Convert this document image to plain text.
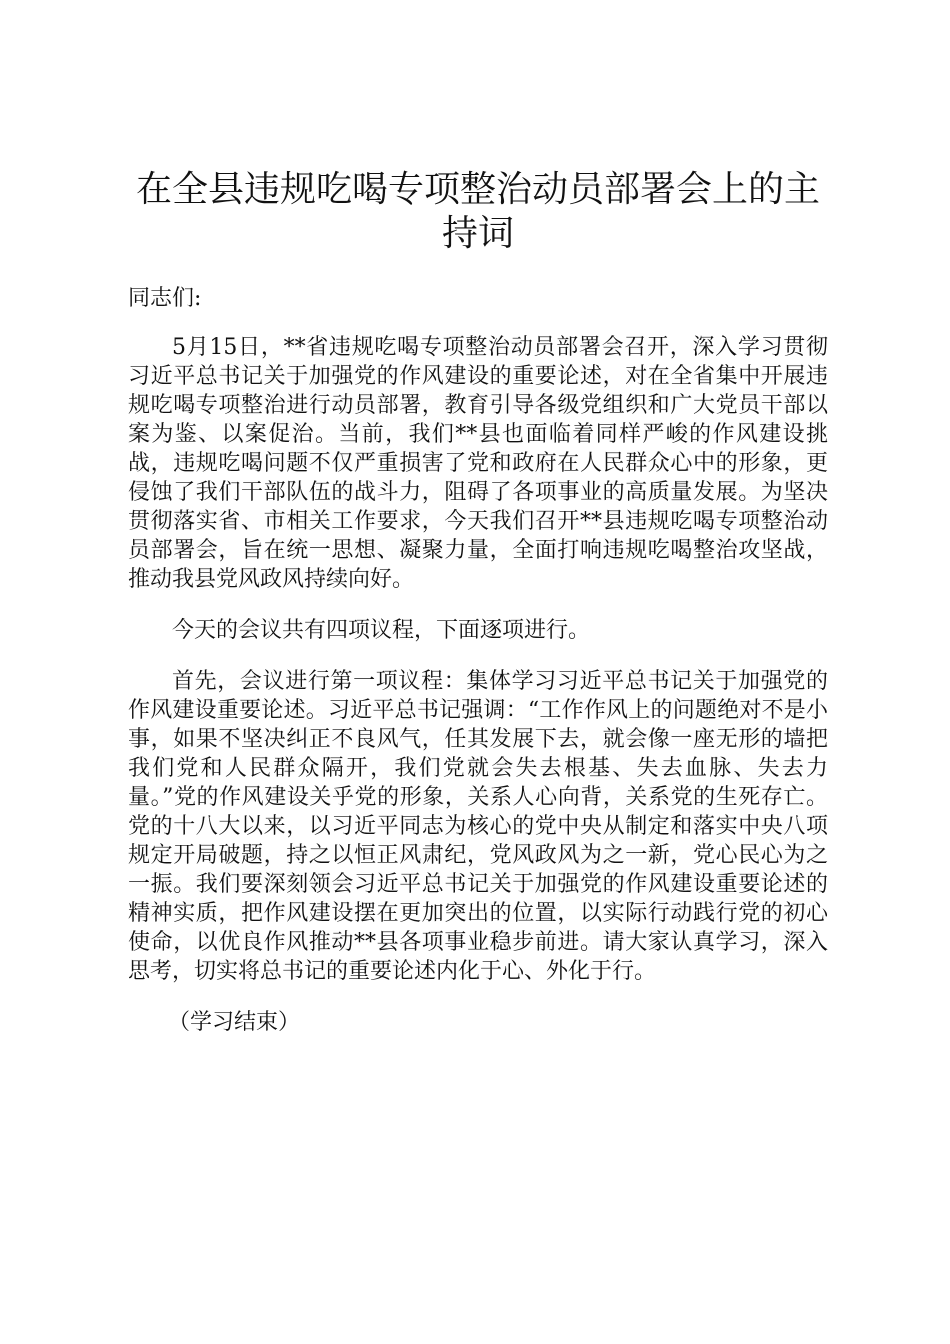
在全县违规吃喝专项整治动员部署会上的主持词

同志们:

5月15日，**省违规吃喝专项整治动员部署会召开，深入学习贯彻习近平总书记关于加强党的作风建设的重要论述，对在全省集中开展违规吃喝专项整治进行动员部署，教育引导各级党组织和广大党员干部以案为鉴、以案促治。当前，我们**县也面临着同样严峻的作风建设挑战，违规吃喝问题不仅严重损害了党和政府在人民群众心中的形象，更侵蚀了我们干部队伍的战斗力，阻碍了各项事业的高质量发展。为坚决贯彻落实省、市相关工作要求，今天我们召开**县违规吃喝专项整治动员部署会，旨在统一思想、凝聚力量，全面打响违规吃喝整治攻坚战，推动我县党风政风持续向好。

今天的会议共有四项议程，下面逐项进行。

首先，会议进行第一项议程：集体学习习近平总书记关于加强党的作风建设重要论述。习近平总书记强调：“工作作风上的问题绝对不是小事，如果不坚决纠正不良风气，任其发展下去，就会像一座无形的墙把我们党和人民群众隔开，我们党就会失去根基、失去血脉、失去力量。”党的作风建设关乎党的形象，关系人心向背，关系党的生死存亡。党的十八大以来，以习近平同志为核心的党中央从制定和落实中央八项规定开局破题，持之以恒正风肃纪，党风政风为之一新，党心民心为之一振。我们要深刻领会习近平总书记关于加强党的作风建设重要论述的精神实质，把作风建设摆在更加突出的位置，以实际行动践行党的初心使命，以优良作风推动**县各项事业稳步前进。请大家认真学习，深入思考，切实将总书记的重要论述内化于心、外化于行。

（学习结束）
